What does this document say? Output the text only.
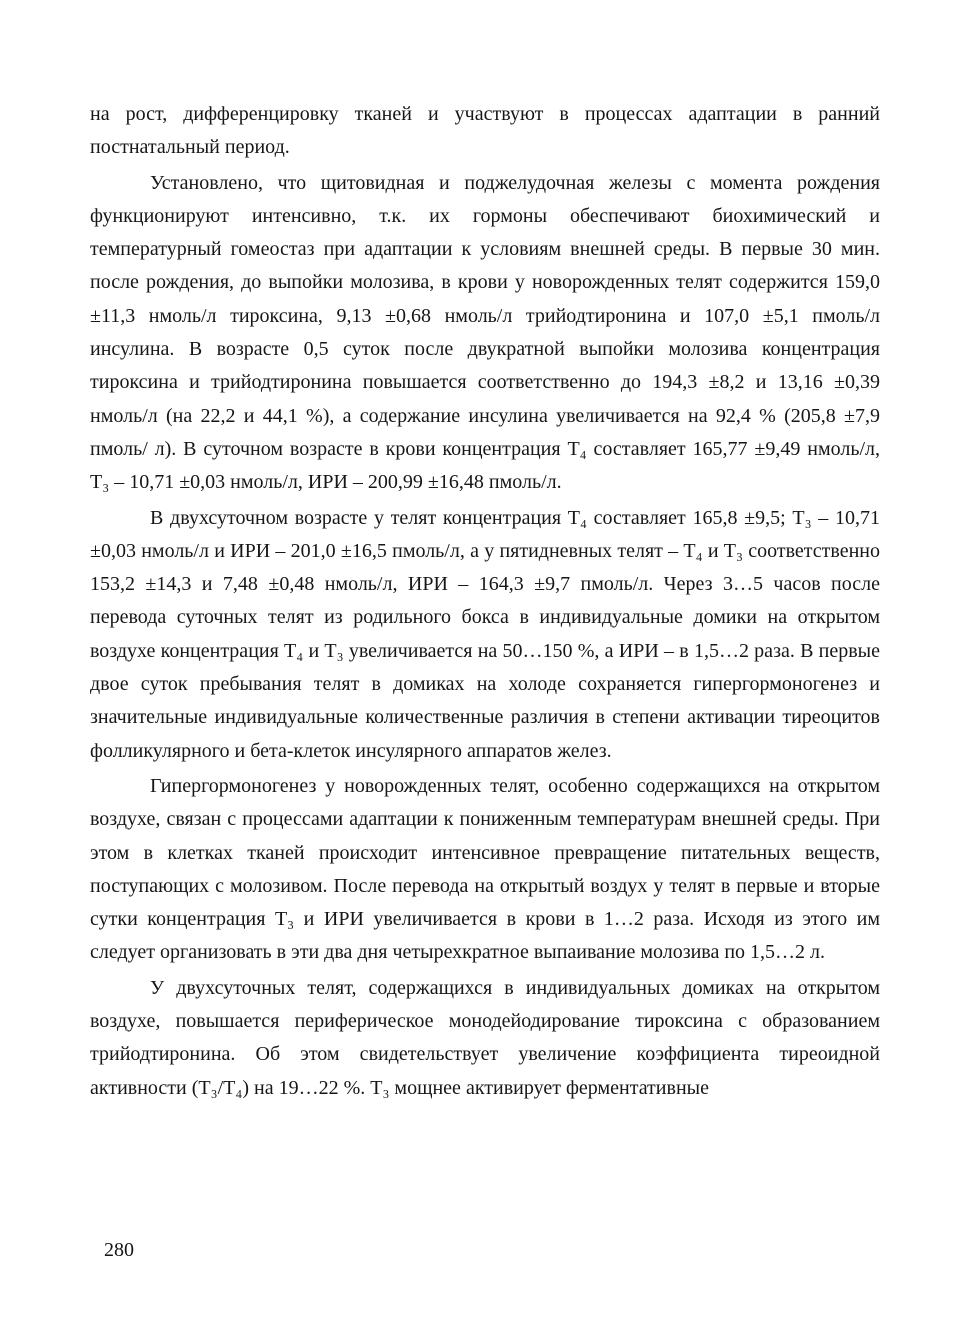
на рост, дифференцировку тканей и участвуют в процессах адаптации в ранний постнатальный период.

Установлено, что щитовидная и поджелудочная железы с момента рождения функционируют интенсивно, т.к. их гормоны обеспечивают биохимический и температурный гомеостаз при адаптации к условиям внешней среды. В первые 30 мин. после рождения, до выпойки молозива, в крови у новорожденных телят содержится 159,0 ±11,3 нмоль/л тироксина, 9,13 ±0,68 нмоль/л трийодтиронина и 107,0 ±5,1 пмоль/л инсулина. В возрасте 0,5 суток после двукратной выпойки молозива концентрация тироксина и трийодтиронина повышается соответственно до 194,3 ±8,2 и 13,16 ±0,39 нмоль/л (на 22,2 и 44,1 %), а содержание инсулина увеличивается на 92,4 % (205,8 ±7,9 пмоль/ л). В суточном возрасте в крови концентрация Т₄ составляет 165,77 ±9,49 нмоль/л, Т₃ – 10,71 ±0,03 нмоль/л, ИРИ – 200,99 ±16,48 пмоль/л.

В двухсуточном возрасте у телят концентрация Т₄ составляет 165,8 ±9,5; Т₃ – 10,71 ±0,03 нмоль/л и ИРИ – 201,0 ±16,5 пмоль/л, а у пятидневных телят – Т₄ и Т₃ соответственно 153,2 ±14,3 и 7,48 ±0,48 нмоль/л, ИРИ – 164,3 ±9,7 пмоль/л. Через 3…5 часов после перевода суточных телят из родильного бокса в индивидуальные домики на открытом воздухе концентрация Т₄ и Т₃ увеличивается на 50…150 %, а ИРИ – в 1,5…2 раза. В первые двое суток пребывания телят в домиках на холоде сохраняется гипергормоногенез и значительные индивидуальные количественные различия в степени активации тиреоцитов фолликулярного и бета-клеток инсулярного аппаратов желез.

Гипергормоногенез у новорожденных телят, особенно содержащихся на открытом воздухе, связан с процессами адаптации к пониженным температурам внешней среды. При этом в клетках тканей происходит интенсивное превращение питательных веществ, поступающих с молозивом. После перевода на открытый воздух у телят в первые и вторые сутки концентрация Т₃ и ИРИ увеличивается в крови в 1…2 раза. Исходя из этого им следует организовать в эти два дня четырехкратное выпаивание молозива по 1,5…2 л.

У двухсуточных телят, содержащихся в индивидуальных домиках на открытом воздухе, повышается периферическое монодейодирование тироксина с образованием трийодтиронина. Об этом свидетельствует увеличение коэффициента тиреоидной активности (Т₃/Т₄) на 19…22 %. Т₃ мощнее активирует ферментативные

280
